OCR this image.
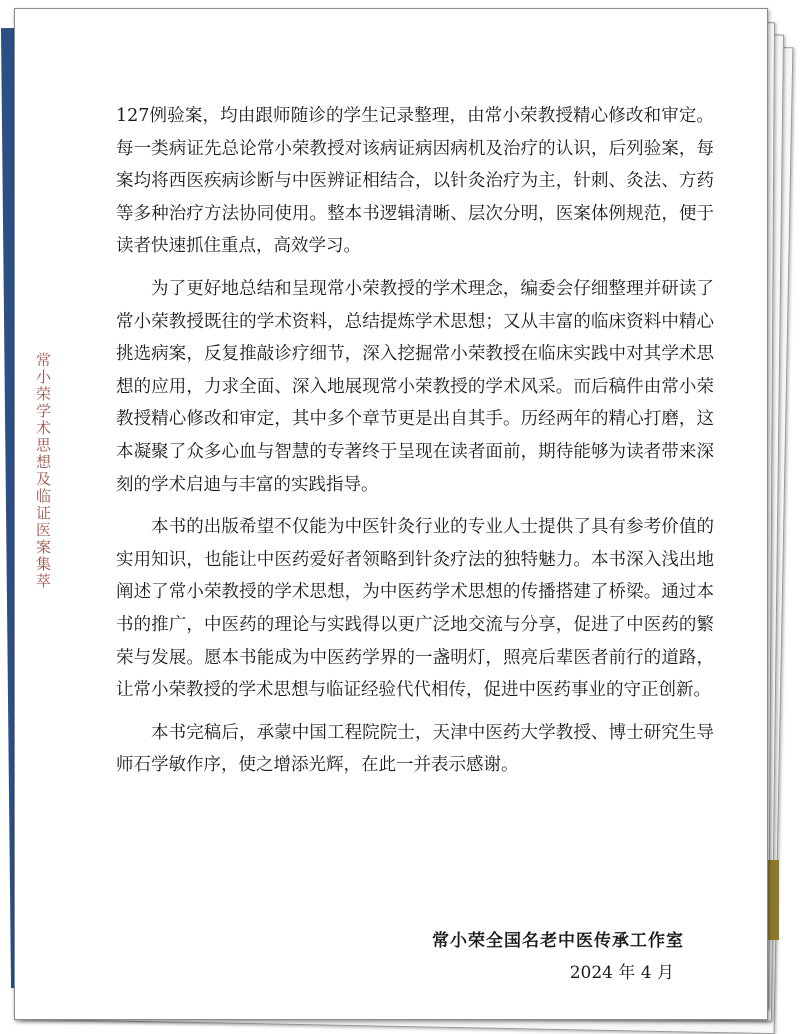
常小荣学术思想及临证医案集萃

127例验案，均由跟师随诊的学生记录整理，由常小荣教授精心修改和审定。每一类病证先总论常小荣教授对该病证病因病机及治疗的认识，后列验案，每案均将西医疾病诊断与中医辨证相结合，以针灸治疗为主，针刺、灸法、方药等多种治疗方法协同使用。整本书逻辑清晰、层次分明，医案体例规范，便于读者快速抓住重点，高效学习。

为了更好地总结和呈现常小荣教授的学术理念，编委会仔细整理并研读了常小荣教授既往的学术资料，总结提炼学术思想；又从丰富的临床资料中精心挑选病案，反复推敲诊疗细节，深入挖掘常小荣教授在临床实践中对其学术思想的应用，力求全面、深入地展现常小荣教授的学术风采。而后稿件由常小荣教授精心修改和审定，其中多个章节更是出自其手。历经两年的精心打磨，这本凝聚了众多心血与智慧的专著终于呈现在读者面前，期待能够为读者带来深刻的学术启迪与丰富的实践指导。

本书的出版希望不仅能为中医针灸行业的专业人士提供了具有参考价值的实用知识，也能让中医药爱好者领略到针灸疗法的独特魅力。本书深入浅出地阐述了常小荣教授的学术思想，为中医药学术思想的传播搭建了桥梁。通过本书的推广，中医药的理论与实践得以更广泛地交流与分享，促进了中医药的繁荣与发展。愿本书能成为中医药学界的一盏明灯，照亮后辈医者前行的道路，让常小荣教授的学术思想与临证经验代代相传，促进中医药事业的守正创新。

本书完稿后，承蒙中国工程院院士，天津中医药大学教授、博士研究生导师石学敏作序，使之增添光辉，在此一并表示感谢。

常小荣全国名老中医传承工作室
2024 年 4 月
